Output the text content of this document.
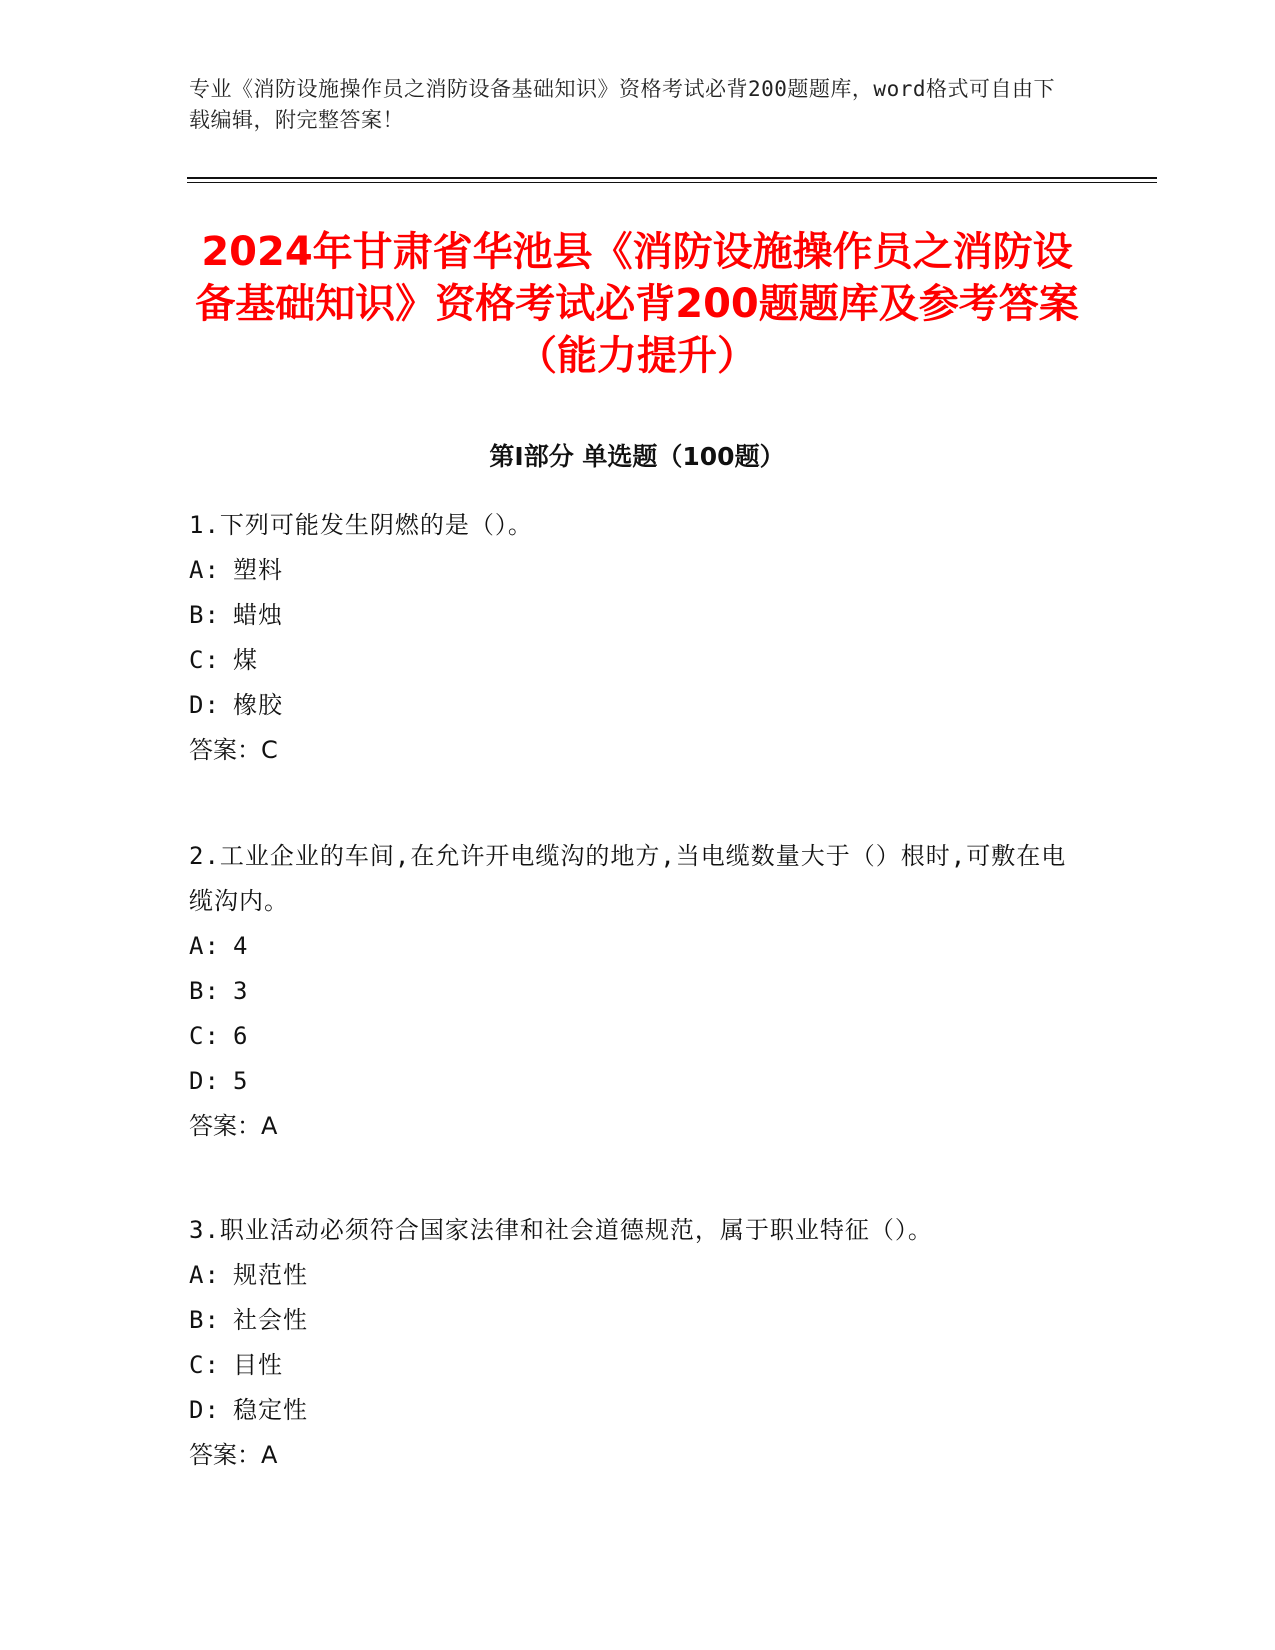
专业《消防设施操作员之消防设备基础知识》资格考试必背200题题库，word格式可自由下载编辑，附完整答案！
2024年甘肃省华池县《消防设施操作员之消防设备基础知识》资格考试必背200题题库及参考答案（能力提升）
第Ⅰ部分 单选题（100题）
1.下列可能发生阴燃的是（）。
A: 塑料
B: 蜡烛
C: 煤
D: 橡胶
答案：C
2.工业企业的车间,在允许开电缆沟的地方,当电缆数量大于（）根时,可敷在电缆沟内。
A: 4
B: 3
C: 6
D: 5
答案：A
3.职业活动必须符合国家法律和社会道德规范，属于职业特征（）。
A: 规范性
B: 社会性
C: 目性
D: 稳定性
答案：A
